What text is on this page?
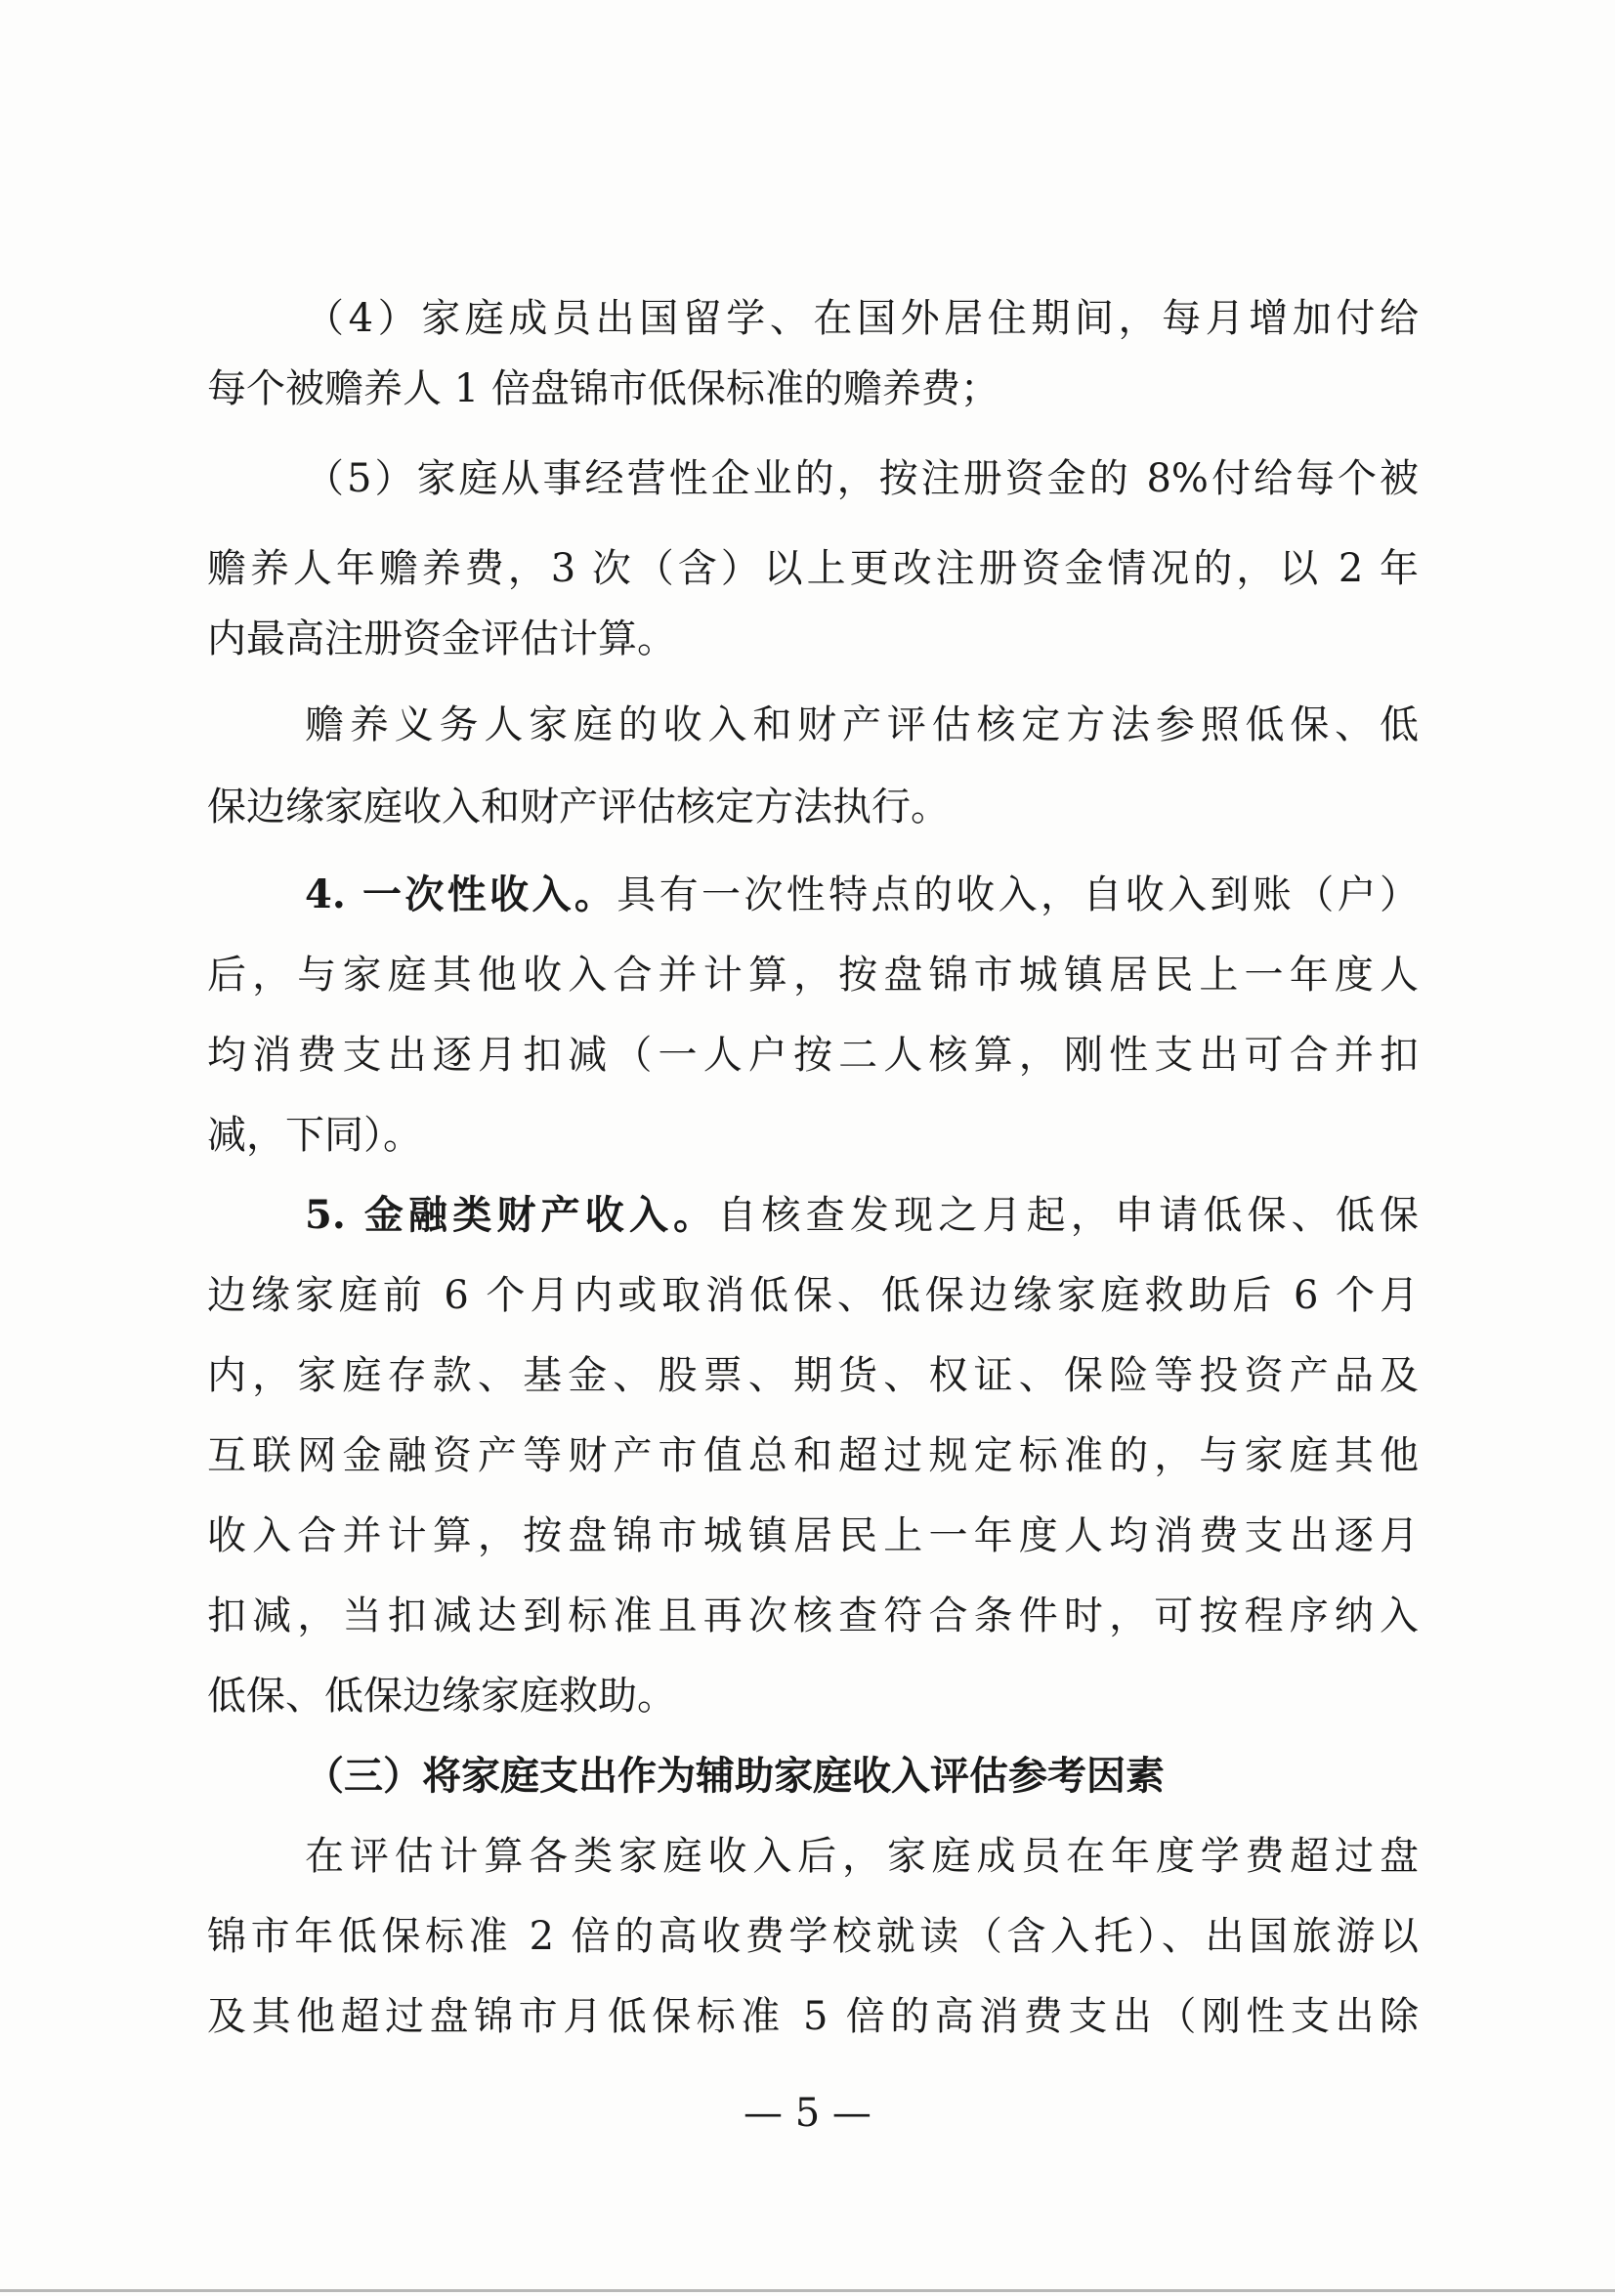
（4）家庭成员出国留学、在国外居住期间，每月增加付给
每个被赡养人 1 倍盘锦市低保标准的赡养费；
（5）家庭从事经营性企业的，按注册资金的 8%付给每个被
赡养人年赡养费，3 次（含）以上更改注册资金情况的，以 2 年
内最高注册资金评估计算。
赡养义务人家庭的收入和财产评估核定方法参照低保、低
保边缘家庭收入和财产评估核定方法执行。
4. 一次性收入。具有一次性特点的收入，自收入到账（户）
后，与家庭其他收入合并计算，按盘锦市城镇居民上一年度人
均消费支出逐月扣减（一人户按二人核算，刚性支出可合并扣
减，下同）。
5. 金融类财产收入。自核查发现之月起，申请低保、低保
边缘家庭前 6 个月内或取消低保、低保边缘家庭救助后 6 个月
内，家庭存款、基金、股票、期货、权证、保险等投资产品及
互联网金融资产等财产市值总和超过规定标准的，与家庭其他
收入合并计算，按盘锦市城镇居民上一年度人均消费支出逐月
扣减，当扣减达到标准且再次核查符合条件时，可按程序纳入
低保、低保边缘家庭救助。
（三）将家庭支出作为辅助家庭收入评估参考因素
在评估计算各类家庭收入后，家庭成员在年度学费超过盘
锦市年低保标准 2 倍的高收费学校就读（含入托）、出国旅游以
及其他超过盘锦市月低保标准 5 倍的高消费支出（刚性支出除
— 5 —
